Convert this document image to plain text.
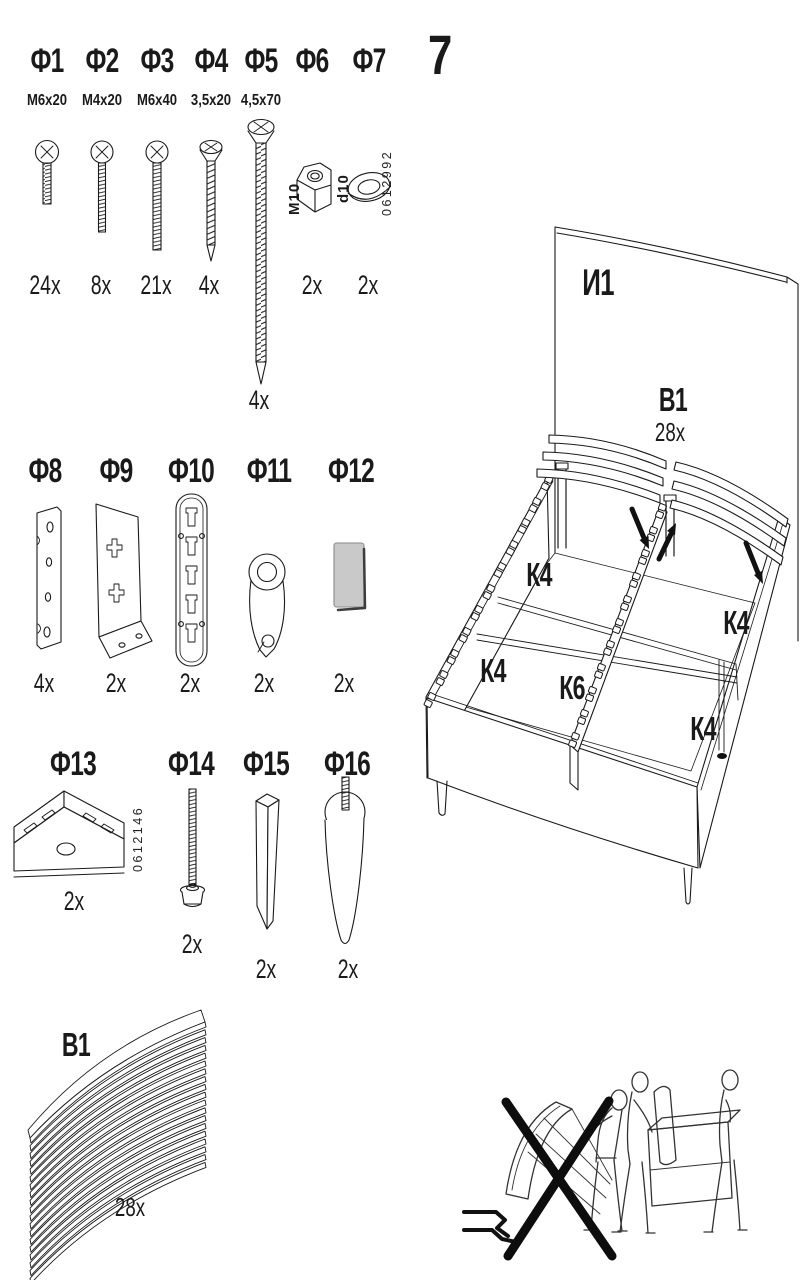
7
Ф1 Ф2 Ф3 Ф4 Ф5 Ф6 Ф7
M6x20 M4x20 M6x40 3,5x20 4,5x70
24x 8x 21x 4x	2x 2x
4x
M10 d10 0612992
Ф8 Ф9 Ф10 Ф11 Ф12
4x 2x 2x 2x 2x
Ф13 Ф14 Ф15 Ф16
0612146
2x
2x
2x 2x
И1
В1
28x
К4
К4
К4 К6
К4
В1
28x
